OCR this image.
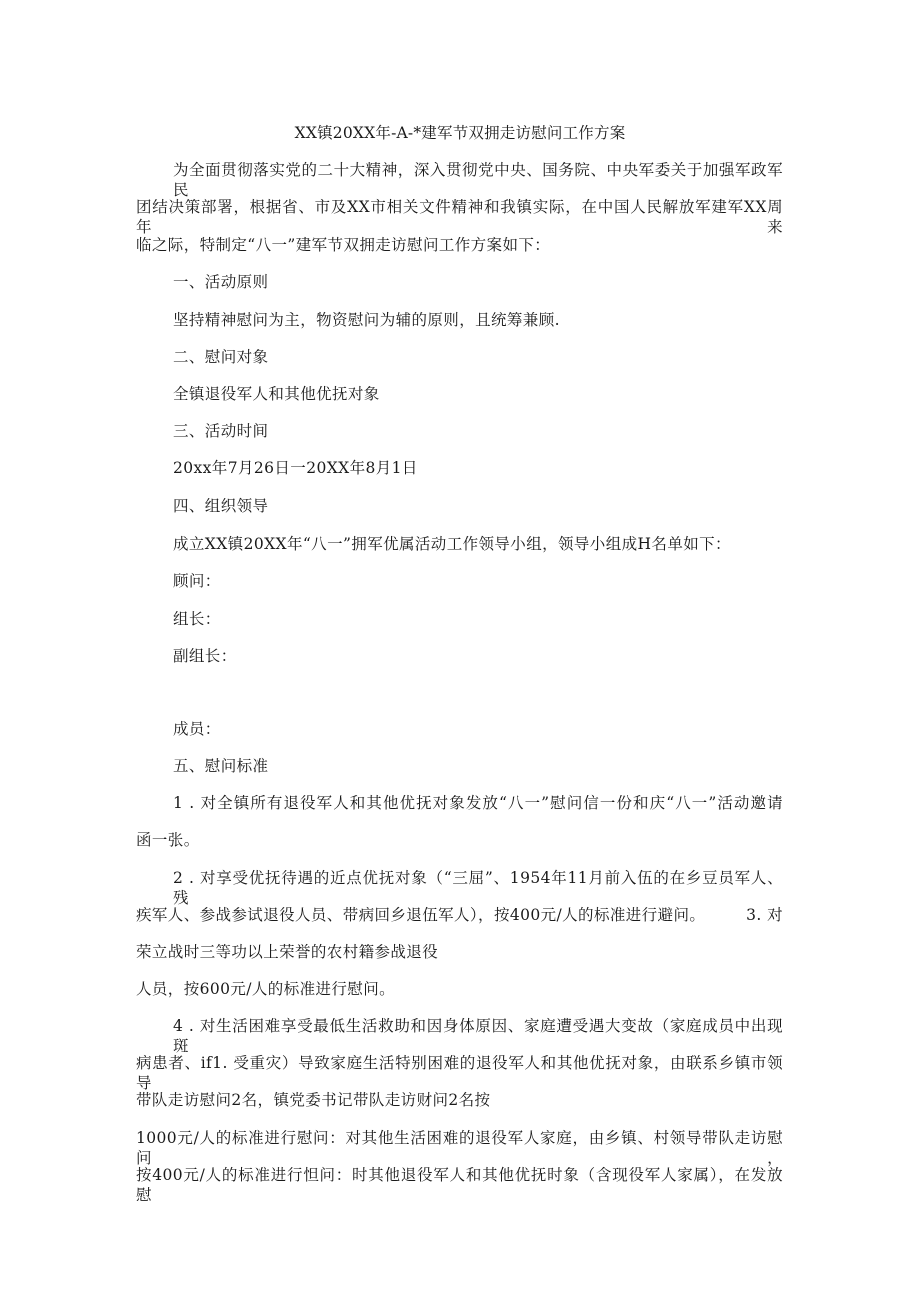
XX镇20XX年-A-*建军节双拥走访慰问工作方案
为全面贯彻落实党的二十大精神，深入贯彻党中央、国务院、中央军委关于加强军政军民
团结决策部署，根据省、市及XX市相关文件精神和我镇实际，在中国人民解放军建军XX周年来
临之际，特制定“八一”建军节双拥走访慰问工作方案如下：
一、活动原则
坚持精神慰问为主，物资慰问为辅的原则，且统筹兼顾.
二、慰问对象
全镇退役军人和其他优抚对象
三、活动时间
20xx年7月26日一20XX年8月1日
四、组织领导
成立XX镇20XX年“八一”拥军优属活动工作领导小组，领导小组成H名单如下：
顾问：
组长：
副组长：
成员：
五、慰问标准
1 . 对全镇所有退役军人和其他优抚对象发放“八一”慰问信一份和庆“八一”活动邀请
函一张。
2 . 对享受优抚待遇的近点优抚对象（“三屈”、1954年11月前入伍的在乡豆员军人、残
疾军人、参战参试退役人员、带病回乡退伍军人），按400元/人的标准进行避问。	3. 对
荣立战时三等功以上荣誉的农村籍参战退役
人员，按600元/人的标准进行慰问。
4 . 对生活困难享受最低生活救助和因身体原因、家庭遭受遇大变故（家庭成员中出现斑
病患者、if1. 受重灾）导致家庭生活特别困难的退役军人和其他优抚对象，由联系乡镇市领导
带队走访慰问2名，镇党委书记带队走访财问2名按
1000元/人的标准进行慰问：对其他生活困难的退役军人家庭，由乡镇、村领导带队走访慰问，
按400元/人的标准进行怛问：时其他退役军人和其他优抚时象（含现役军人家属），在发放慰
